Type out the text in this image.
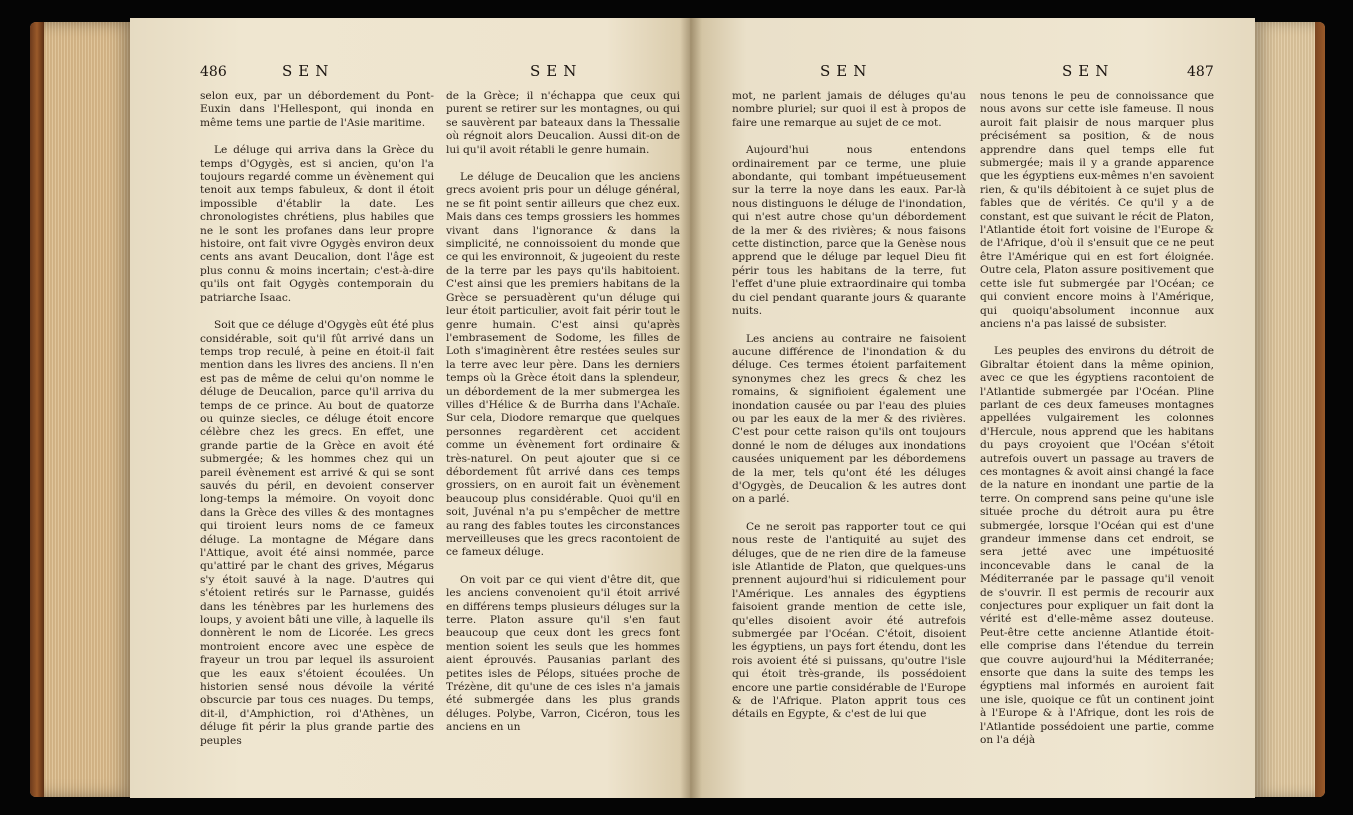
486	SEN	SEN

selon eux, par un débordement du Pont-Euxin dans l'Hellespont, qui inonda en même tems une partie de l'Asie maritime.

Le déluge qui arriva dans la Grèce du temps d'Ogygès, est si ancien, qu'on l'a toujours regardé comme un évènement qui tenoit aux temps fabuleux, & dont il étoit impossible d'établir la date. Les chronologistes chrétiens, plus habiles que ne le sont les profanes dans leur propre histoire, ont fait vivre Ogygès environ deux cents ans avant Deucalion, dont l'âge est plus connu & moins incertain; c'est-à-dire qu'ils ont fait Ogygès contemporain du patriarche Isaac.

Soit que ce déluge d'Ogygès eût été plus considérable, soit qu'il fût arrivé dans un temps trop reculé, à peine en étoit-il fait mention dans les livres des anciens. Il n'en est pas de même de celui qu'on nomme le déluge de Deucalion, parce qu'il arriva du temps de ce prince. Au bout de quatorze ou quinze siecles, ce déluge étoit encore célèbre chez les grecs. En effet, une grande partie de la Grèce en avoit été submergée; & les hommes chez qui un pareil évènement est arrivé & qui se sont sauvés du péril, en devoient conserver long-temps la mémoire. On voyoit donc dans la Grèce des villes & des montagnes qui tiroient leurs noms de ce fameux déluge. La montagne de Mégare dans l'Attique, avoit été ainsi nommée, parce qu'attiré par le chant des grives, Mégarus s'y étoit sauvé à la nage. D'autres qui s'étoient retirés sur le Parnasse, guidés dans les ténèbres par les hurlemens des loups, y avoient bâti une ville, à laquelle ils donnèrent le nom de Licorée. Les grecs montroient encore avec une espèce de frayeur un trou par lequel ils assuroient que les eaux s'étoient écoulées. Un historien sensé nous dévoile la vérité obscurcie par tous ces nuages. Du temps, dit-il, d'Amphiction, roi d'Athènes, un déluge fit périr la plus grande partie des peuples

de la Grèce; il n'échappa que ceux qui purent se retirer sur les montagnes, ou qui se sauvèrent par bateaux dans la Thessalie où régnoit alors Deucalion. Aussi dit-on de lui qu'il avoit rétabli le genre humain.

Le déluge de Deucalion que les anciens grecs avoient pris pour un déluge général, ne se fit point sentir ailleurs que chez eux. Mais dans ces temps grossiers les hommes vivant dans l'ignorance & dans la simplicité, ne connoissoient du monde que ce qui les environnoit, & jugeoient du reste de la terre par les pays qu'ils habitoient. C'est ainsi que les premiers habitans de la Grèce se persuadèrent qu'un déluge qui leur étoit particulier, avoit fait périr tout le genre humain. C'est ainsi qu'après l'embrasement de Sodome, les filles de Loth s'imaginèrent être restées seules sur la terre avec leur père. Dans les derniers temps où la Grèce étoit dans la splendeur, un débordement de la mer submergea les villes d'Hélice & de Burrha dans l'Achaïe. Sur cela, Diodore remarque que quelques personnes regardèrent cet accident comme un évènement fort ordinaire & très-naturel. On peut ajouter que si ce débordement fût arrivé dans ces temps grossiers, on en auroit fait un évènement beaucoup plus considérable. Quoi qu'il en soit, Juvénal n'a pu s'empêcher de mettre au rang des fables toutes les circonstances merveilleuses que les grecs racontoient de ce fameux déluge.

On voit par ce qui vient d'être dit, que les anciens convenoient qu'il étoit arrivé en différens temps plusieurs déluges sur la terre. Platon assure qu'il s'en faut beaucoup que ceux dont les grecs font mention soient les seuls que les hommes aient éprouvés. Pausanias parlant des petites isles de Pélops, situées proche de Trézène, dit qu'une de ces isles n'a jamais été submergée dans les plus grands déluges. Polybe, Varron, Cicéron, tous les anciens en un

SEN	SEN	487

mot, ne parlent jamais de déluges qu'au nombre pluriel; sur quoi il est à propos de faire une remarque au sujet de ce mot.

Aujourd'hui nous entendons ordinairement par ce terme, une pluie abondante, qui tombant impétueusement sur la terre la noye dans les eaux. Par-là nous distinguons le déluge de l'inondation, qui n'est autre chose qu'un débordement de la mer & des rivières; & nous faisons cette distinction, parce que la Genèse nous apprend que le déluge par lequel Dieu fit périr tous les habitans de la terre, fut l'effet d'une pluie extraordinaire qui tomba du ciel pendant quarante jours & quarante nuits.

Les anciens au contraire ne faisoient aucune différence de l'inondation & du déluge. Ces termes étoient parfaitement synonymes chez les grecs & chez les romains, & signifioient également une inondation causée ou par l'eau des pluies ou par les eaux de la mer & des rivières. C'est pour cette raison qu'ils ont toujours donné le nom de déluges aux inondations causées uniquement par les débordemens de la mer, tels qu'ont été les déluges d'Ogygès, de Deucalion & les autres dont on a parlé.

Ce ne seroit pas rapporter tout ce qui nous reste de l'antiquité au sujet des déluges, que de ne rien dire de la fameuse isle Atlantide de Platon, que quelques-uns prennent aujourd'hui si ridiculement pour l'Amérique. Les annales des égyptiens faisoient grande mention de cette isle, qu'elles disoient avoir été autrefois submergée par l'Océan. C'étoit, disoient les égyptiens, un pays fort étendu, dont les rois avoient été si puissans, qu'outre l'isle qui étoit très-grande, ils possédoient encore une partie considérable de l'Europe & de l'Afrique. Platon apprit tous ces détails en Egypte, & c'est de lui que

nous tenons le peu de connoissance que nous avons sur cette isle fameuse. Il nous auroit fait plaisir de nous marquer plus précisément sa position, & de nous apprendre dans quel temps elle fut submergée; mais il y a grande apparence que les égyptiens eux-mêmes n'en savoient rien, & qu'ils débitoient à ce sujet plus de fables que de vérités. Ce qu'il y a de constant, est que suivant le récit de Platon, l'Atlantide étoit fort voisine de l'Europe & de l'Afrique, d'où il s'ensuit que ce ne peut être l'Amérique qui en est fort éloignée. Outre cela, Platon assure positivement que cette isle fut submergée par l'Océan; ce qui convient encore moins à l'Amérique, qui quoiqu'absolument inconnue aux anciens n'a pas laissé de subsister.

Les peuples des environs du détroit de Gibraltar étoient dans la même opinion, avec ce que les égyptiens racontoient de l'Atlantide submergée par l'Océan. Pline parlant de ces deux fameuses montagnes appellées vulgairement les colonnes d'Hercule, nous apprend que les habitans du pays croyoient que l'Océan s'étoit autrefois ouvert un passage au travers de ces montagnes & avoit ainsi changé la face de la nature en inondant une partie de la terre. On comprend sans peine qu'une isle située proche du détroit aura pu être submergée, lorsque l'Océan qui est d'une grandeur immense dans cet endroit, se sera jetté avec une impétuosité inconcevable dans le canal de la Méditerranée par le passage qu'il venoit de s'ouvrir. Il est permis de recourir aux conjectures pour expliquer un fait dont la vérité est d'elle-même assez douteuse. Peut-être cette ancienne Atlantide étoit-elle comprise dans l'étendue du terrein que couvre aujourd'hui la Méditerranée; ensorte que dans la suite des temps les égyptiens mal informés en auroient fait une isle, quoique ce fût un continent joint à l'Europe & à l'Afrique, dont les rois de l'Atlantide possédoient une partie, comme on l'a déjà
